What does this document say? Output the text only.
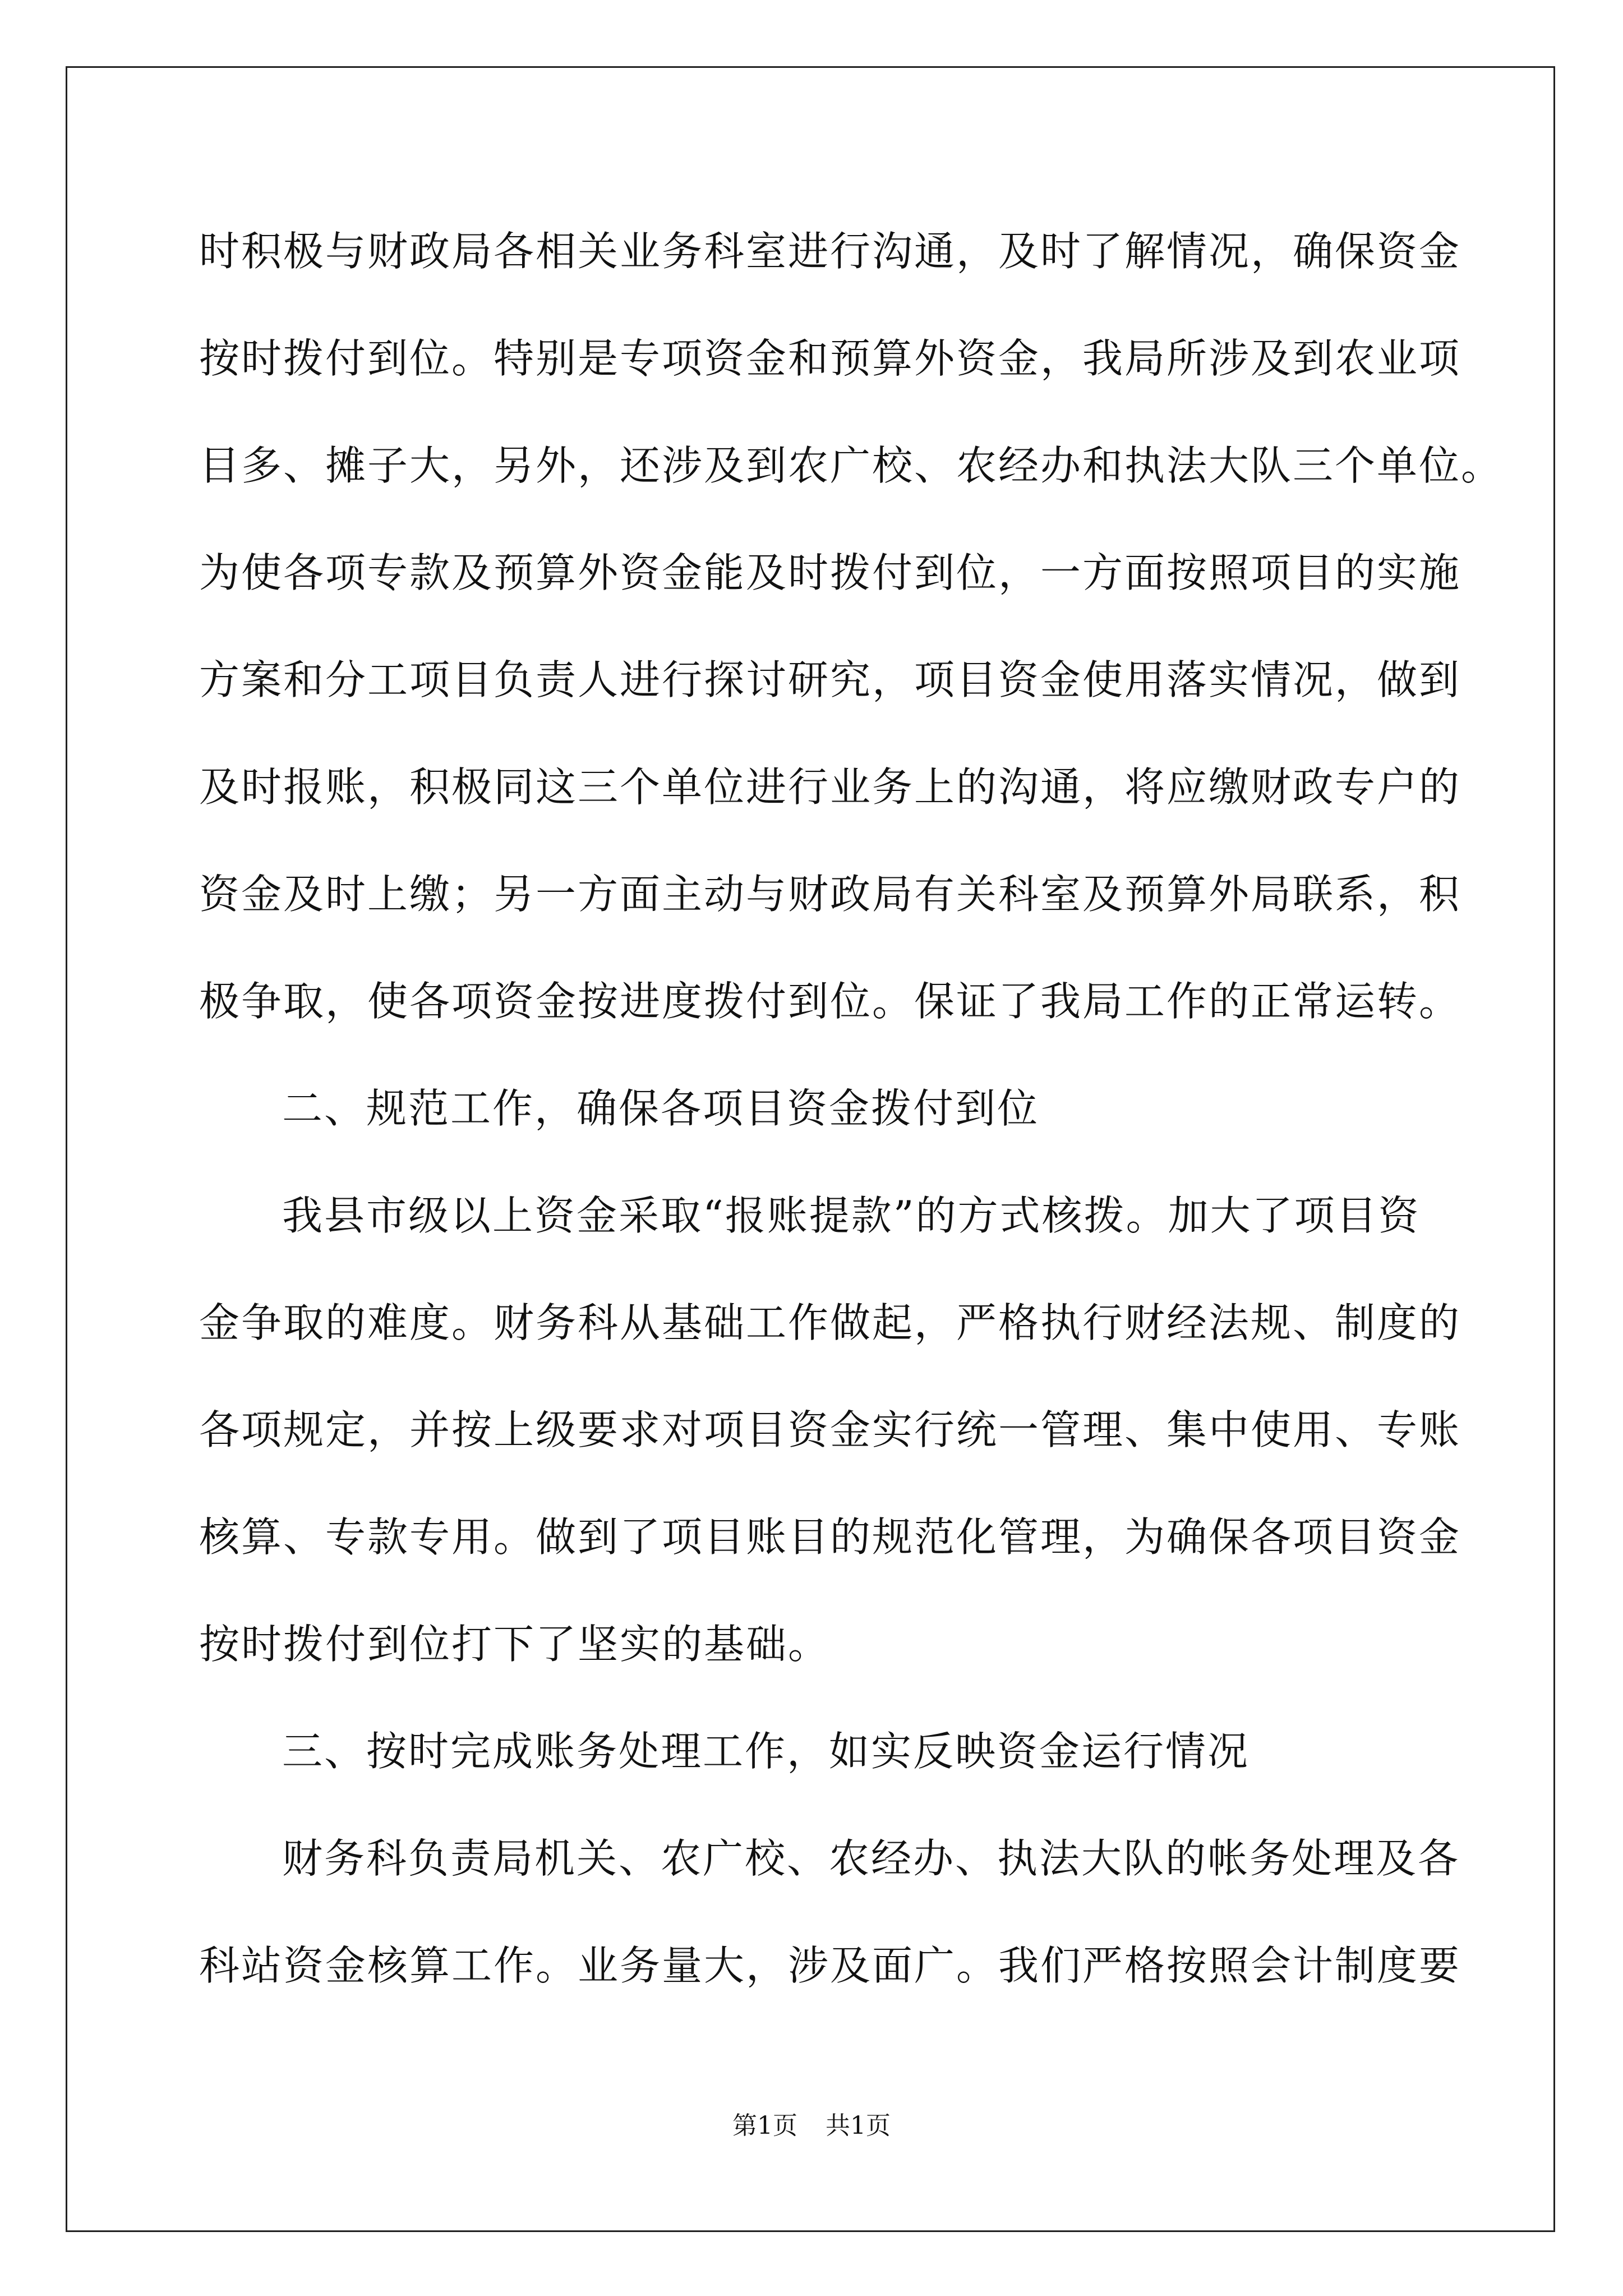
时积极与财政局各相关业务科室进行沟通，及时了解情况，确保资金
按时拨付到位。特别是专项资金和预算外资金，我局所涉及到农业项
目多、摊子大，另外，还涉及到农广校、农经办和执法大队三个单位。
为使各项专款及预算外资金能及时拨付到位，一方面按照项目的实施
方案和分工项目负责人进行探讨研究，项目资金使用落实情况，做到
及时报账，积极同这三个单位进行业务上的沟通，将应缴财政专户的
资金及时上缴；另一方面主动与财政局有关科室及预算外局联系，积
极争取，使各项资金按进度拨付到位。保证了我局工作的正常运转。
二、规范工作，确保各项目资金拨付到位
我县市级以上资金采取“报账提款”的方式核拨。加大了项目资
金争取的难度。财务科从基础工作做起，严格执行财经法规、制度的
各项规定，并按上级要求对项目资金实行统一管理、集中使用、专账
核算、专款专用。做到了项目账目的规范化管理，为确保各项目资金
按时拨付到位打下了坚实的基础。
三、按时完成账务处理工作，如实反映资金运行情况
财务科负责局机关、农广校、农经办、执法大队的帐务处理及各
科站资金核算工作。业务量大，涉及面广。我们严格按照会计制度要
第1页 共1页
